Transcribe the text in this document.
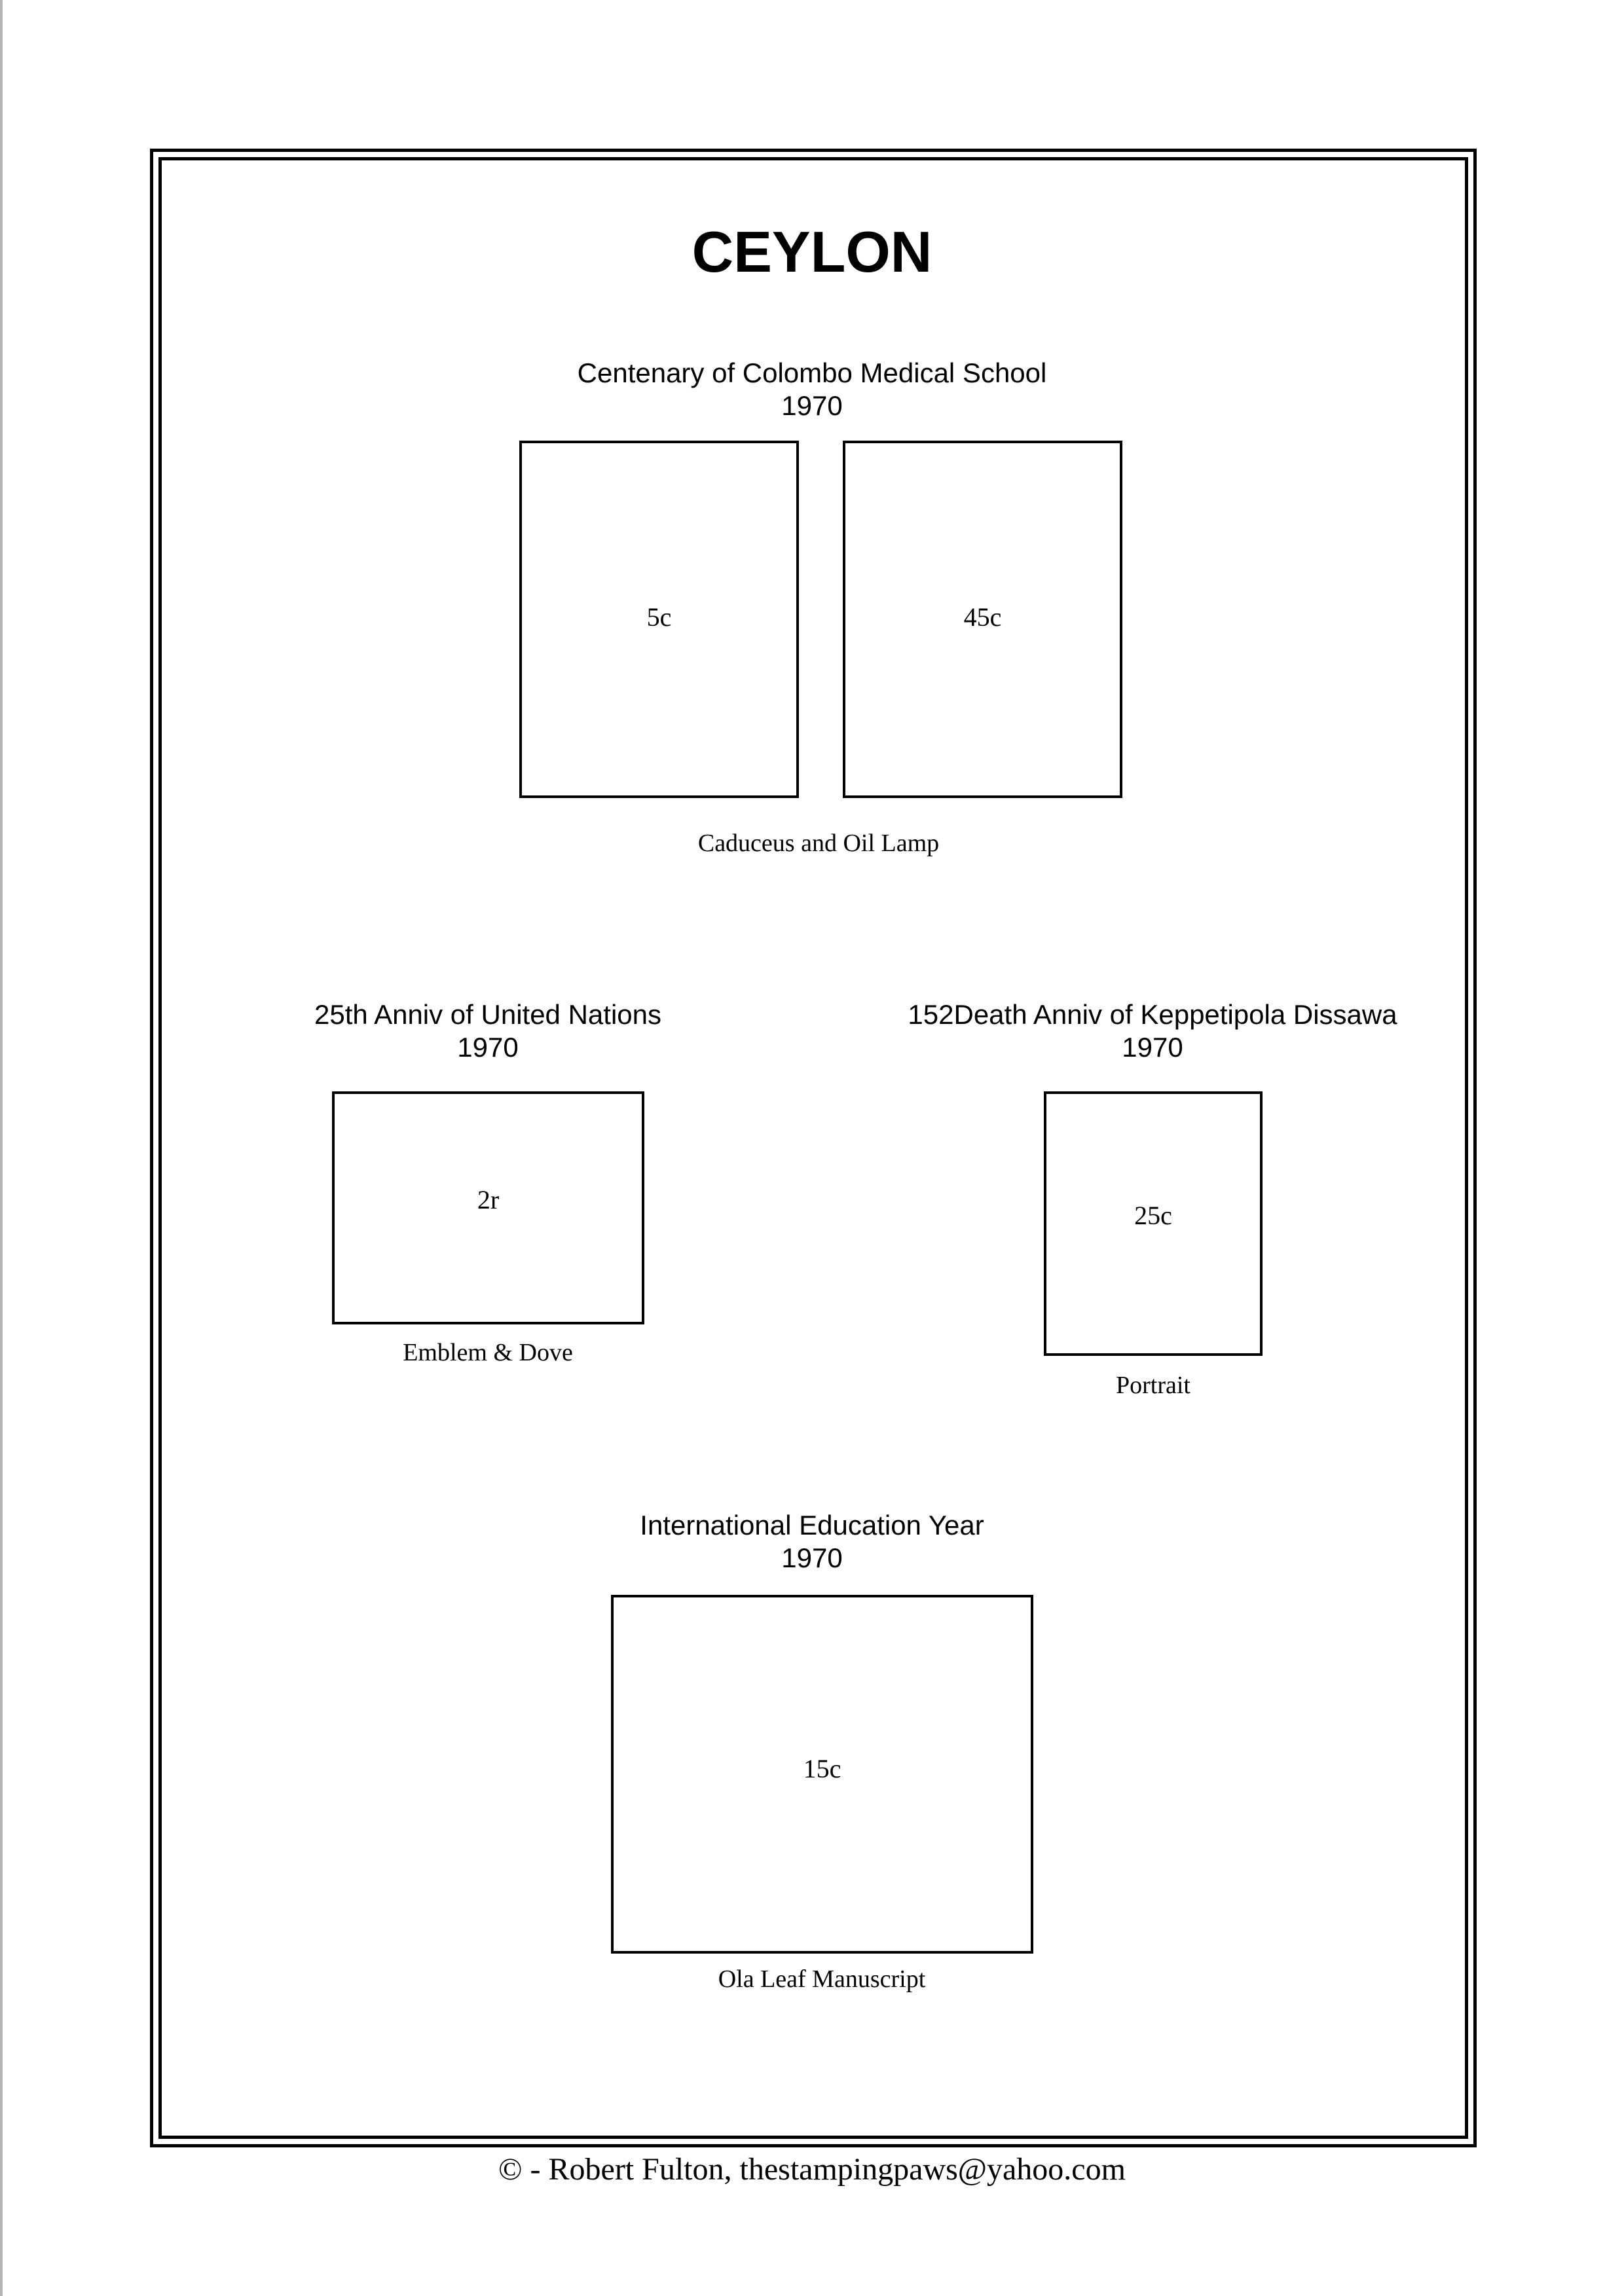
CEYLON
Centenary of Colombo Medical School
1970
5c	45c
Caduceus and Oil Lamp
25th Anniv of United Nations
1970
2r
Emblem & Dove
152Death Anniv of Keppetipola Dissawa
1970
25c
Portrait
International Education Year
1970
15c
Ola Leaf Manuscript
© - Robert Fulton, thestampingpaws@yahoo.com
